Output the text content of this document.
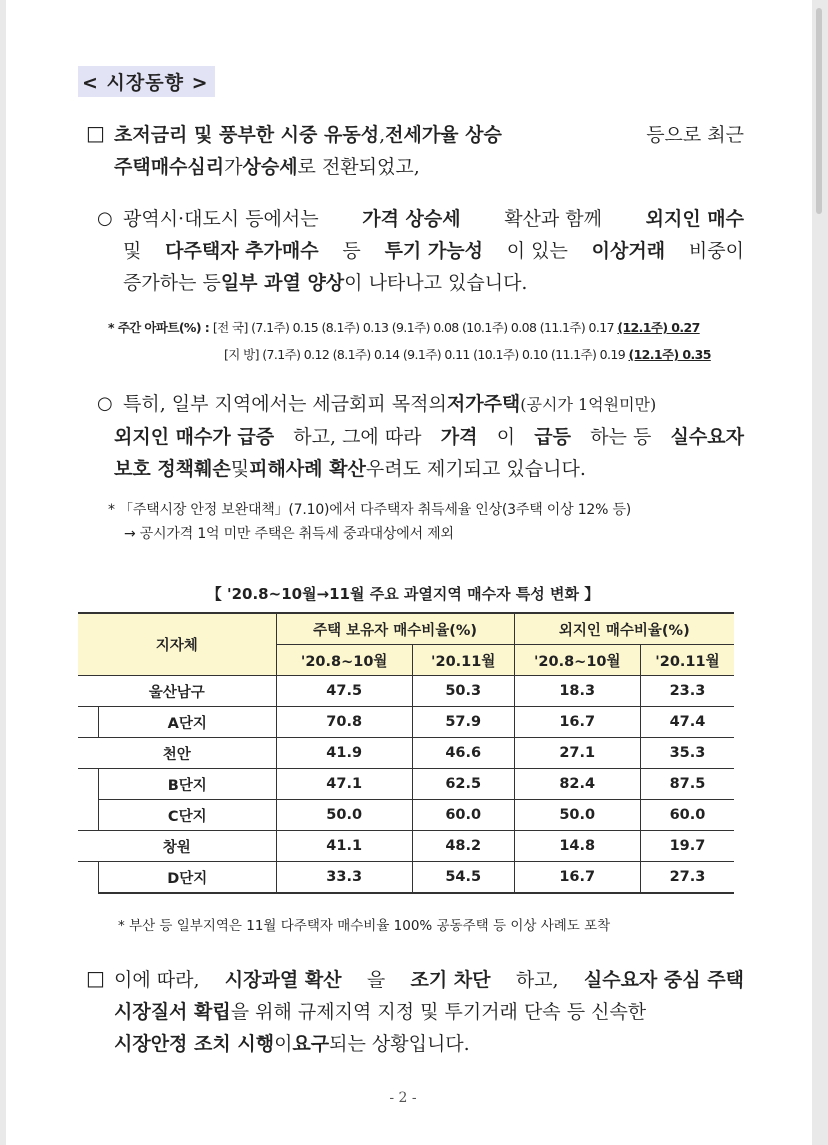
< 시장동향 >
□ 초저금리 및 풍부한 시중 유동성,전세가율 상승	등으로 최근
주택매수심리 가 상승세 로 전환되었고,
○ 광역시·대도시 등에서는 가격 상승세 확산과 함께 외지인 매수
및 다주택자 추가매수 등 투기 가능성 이 있는 이상거래 비중이
증가하는 등 일부 과열 양상 이 나타나고 있습니다.
* 주간 아파트(%) : [전 국] (7.1주) 0.15 (8.1주) 0.13 (9.1주) 0.08 (10.1주) 0.08 (11.1주) 0.17 (12.1주) 0.27
[지 방] (7.1주) 0.12 (8.1주) 0.14 (9.1주) 0.11 (10.1주) 0.10 (11.1주) 0.19 (12.1주) 0.35
○ 특히, 일부 지역에서는 세금회피 목적의저가주택(공시가 1억원미만)
외지인 매수가 급증 하고, 그에 따라 가격 이 급등 하는 등 실수요자
보호 정책훼손 및 피해사례 확산 우려도 제기되고 있습니다.
* 「주택시장 안정 보완대책」(7.10)에서 다주택자 취득세율 인상(3주택 이상 12% 등)
→ 공시가격 1억 미만 주택은 취득세 중과대상에서 제외
【 '20.8~10월→11월 주요 과열지역 매수자 특성 변화 】
지자체		주택 보유자 매수비율(%)		외지인 매수비율(%)	
		'20.8~10월	'20.11월	'20.8~10월	'20.11월
울산남구		47.5	50.3	18.3	23.3
	A단지	70.8	57.9	16.7	47.4
천안		41.9	46.6	27.1	35.3
	B단지	47.1	62.5	82.4	87.5
	C단지	50.0	60.0	50.0	60.0
창원		41.1	48.2	14.8	19.7
	D단지	33.3	54.5	16.7	27.3
* 부산 등 일부지역은 11월 다주택자 매수비율 100% 공동주택 등 이상 사례도 포착
□ 이에 따라, 시장과열 확산 을 조기 차단 하고, 실수요자 중심 주택
시장질서 확립 을 위해 규제지역 지정 및 투기거래 단속 등 신속한
시장안정 조치 시행 이 요구 되는 상황입니다.
- 2 -
